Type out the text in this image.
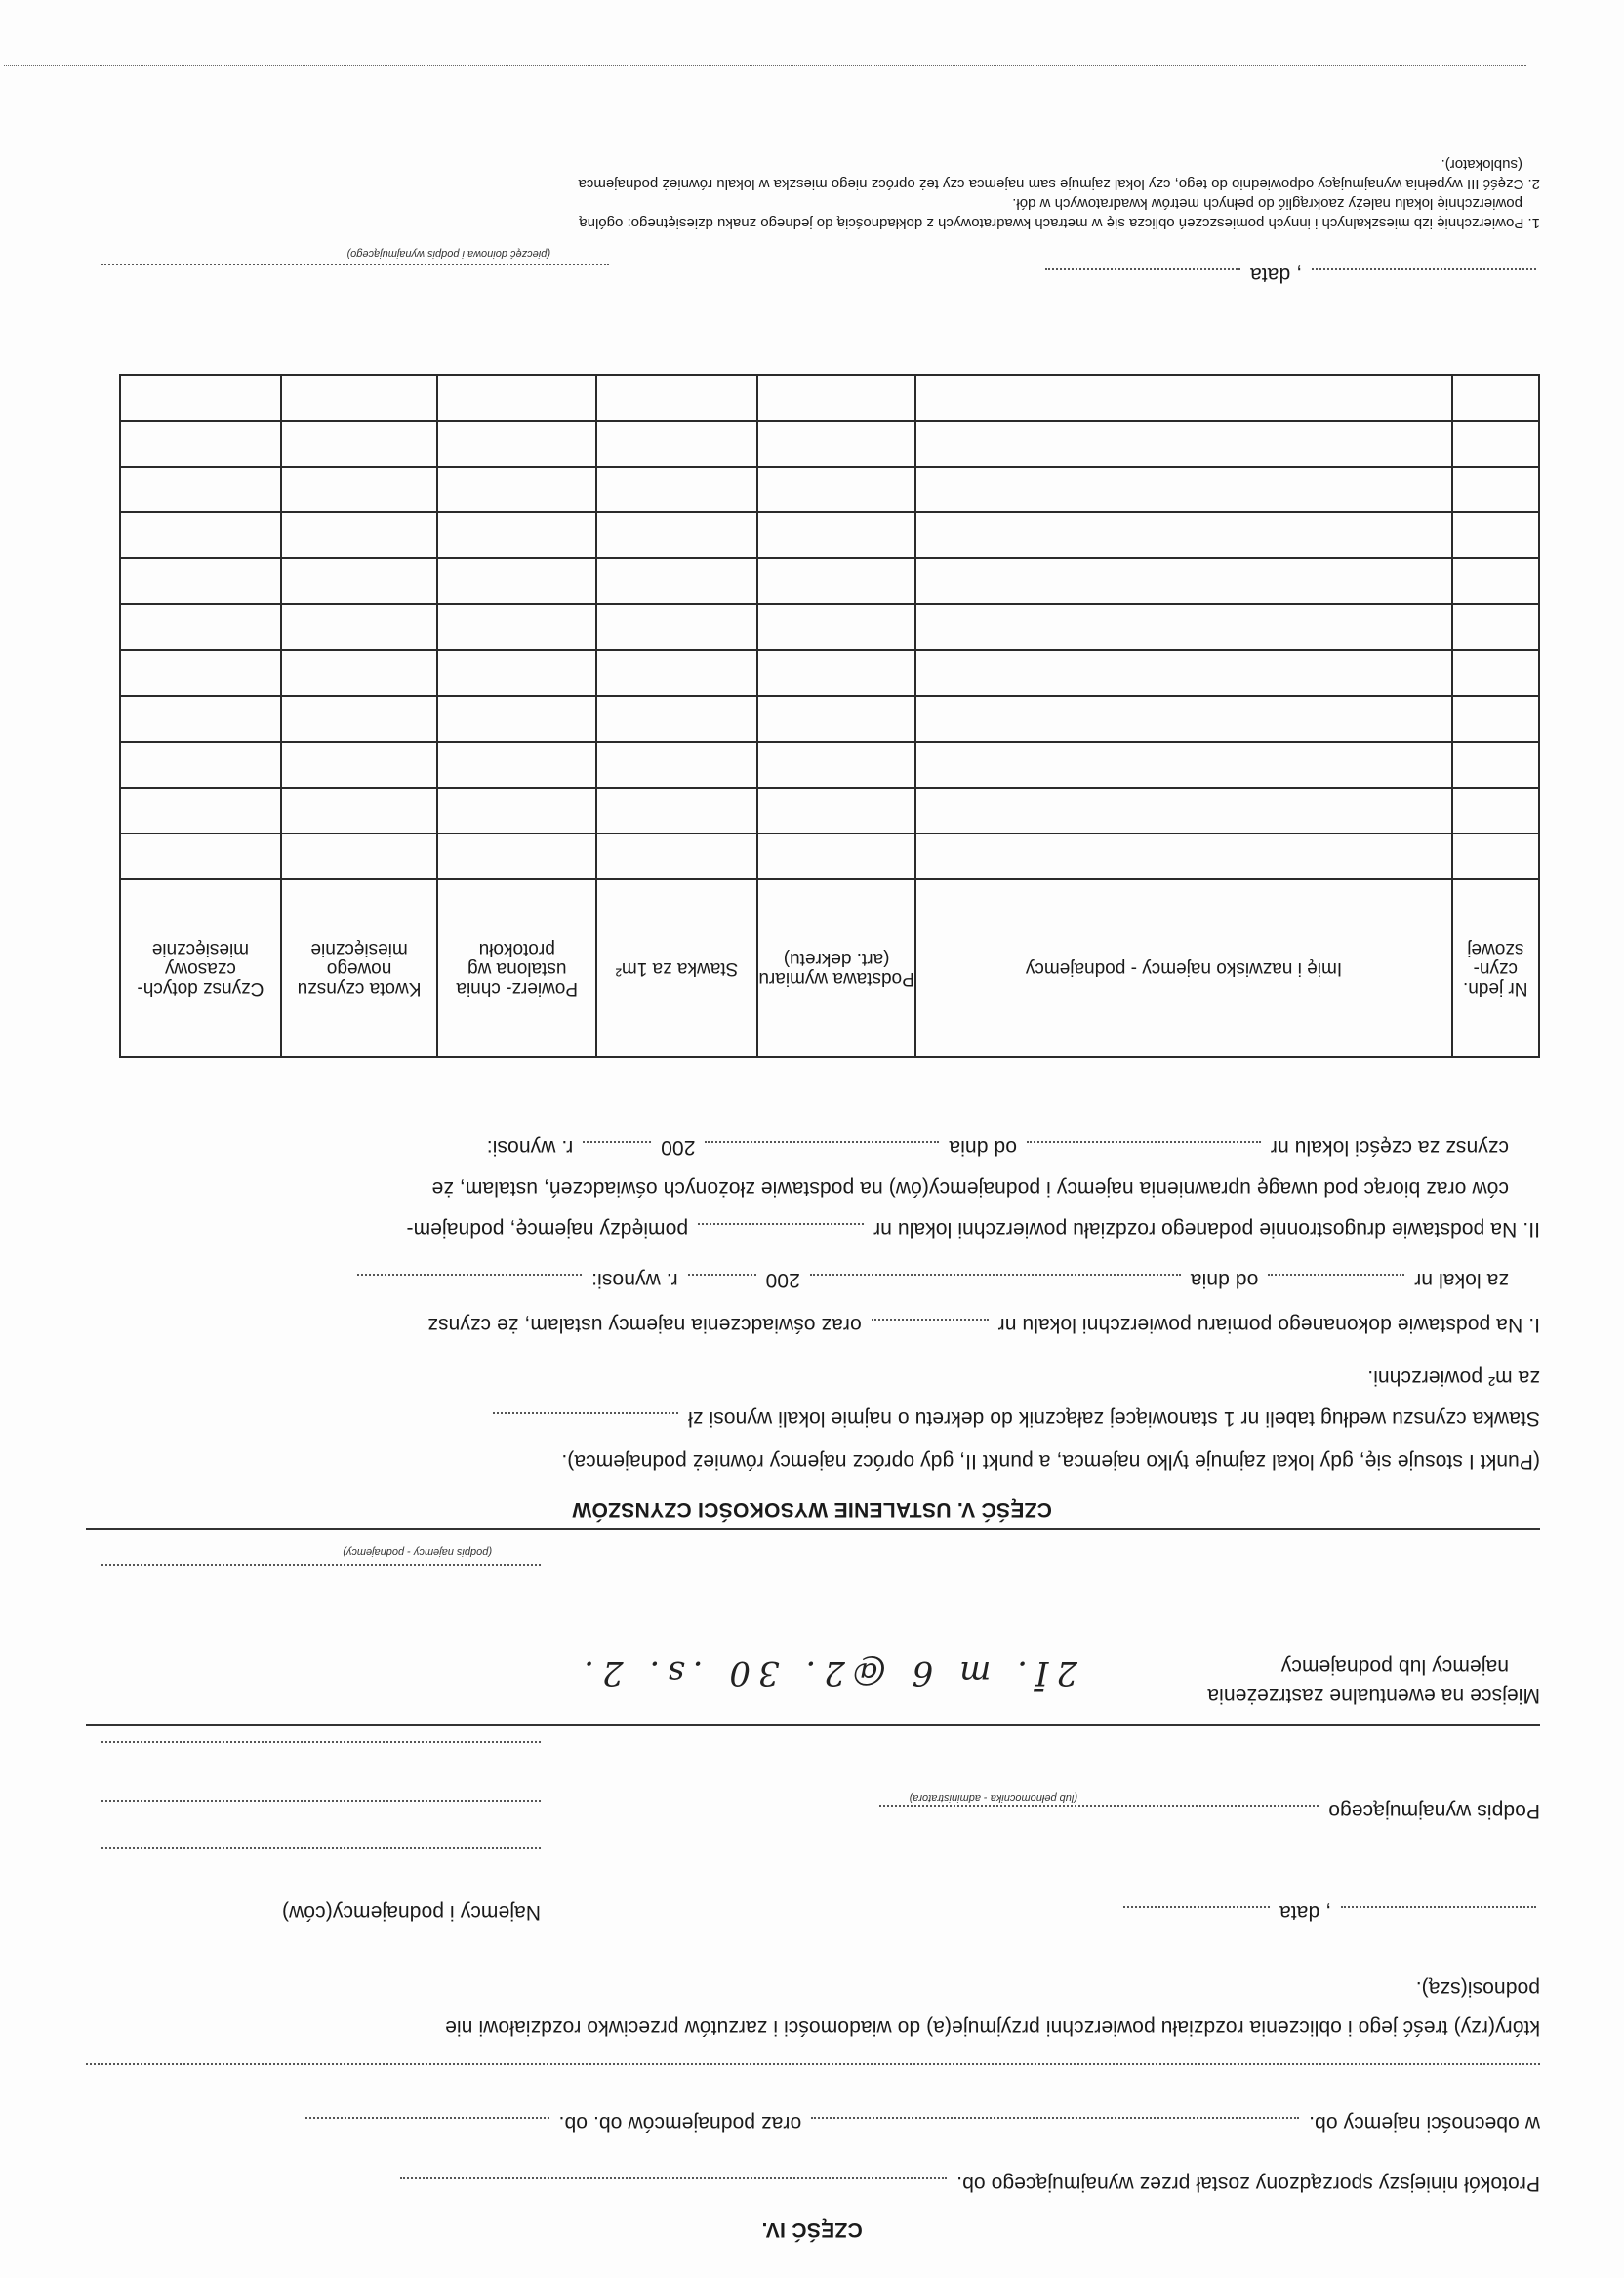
CZĘŚĆ IV.
Protokół niniejszy sporządzony został przez wynajmującego ob.
w obecności najemcy ob.  oraz podnajemców ob. ob.
który(rzy) treść jego i obliczenia rozdziału powierzchni przyjmuje(a) do wiadomości i zarzutów przeciwko rozdziałowi nie
podnosi(szą).
, data
Najemcy i podnajemcy(ców)
Podpis wynajmującego
(lub pełnomocnika - administratora)
Miejsce na ewentualne zastrzeżenia
najemcy lub podnajemcy
2Ī. m 6 @2. 30 .s. 2.
(podpis najemcy - podnajemcy)
CZĘŚĆ V. USTALENIE WYSOKOŚCI CZYNSZÓW
(Punkt I stosuje się, gdy lokal zajmuje tylko najemca, a punkt II, gdy oprócz najemcy również podnajemca).
Stawka czynszu według tabeli nr 1 stanowiącej załącznik do dekretu o najmie lokali wynosi zł
za m² powierzchni.
I. Na podstawie dokonanego pomiaru powierzchni lokalu nr  oraz oświadczenia najemcy ustalam, że czynsz
za lokal nr  od dnia  200  r. wynosi:
II. Na podstawie drugostronnie podanego rozdziału powierzchni lokalu nr  pomiędzy najemcę, podnajem-
ców oraz biorąc pod uwagę uprawnienia najemcy i podnajemcy(ów) na podstawie złożonych oświadczeń, ustalam, że
czynsz za części lokalu nr  od dnia  200  r. wynosi:
Nr jedn. czyn- szowej	Imię i nazwisko najemcy - podnajemcy	Podstawa wymiaru (art. dekretu)	Stawka za 1m²	Powierz- chnia ustalona wg protokołu	Kwota czynszu nowego miesięcznie	Czynsz dotych- czasowy miesięcznie

, data
(pieczęć doinowa i podpis wynajmującego)
1. Powierzchnię izb mieszkalnych i innych pomieszczeń oblicza się w metrach kwadratowych z dokładnością do jednego znaku dziesiętnego: ogólną
powierzchnię lokalu należy zaokrąglić do pełnych metrów kwadratowych w dół.
2. Część III wypełnia wynajmujący odpowiednio do tego, czy lokal zajmuje sam najemca czy też oprócz niego mieszka w lokalu również podnajemca
(sublokator).
